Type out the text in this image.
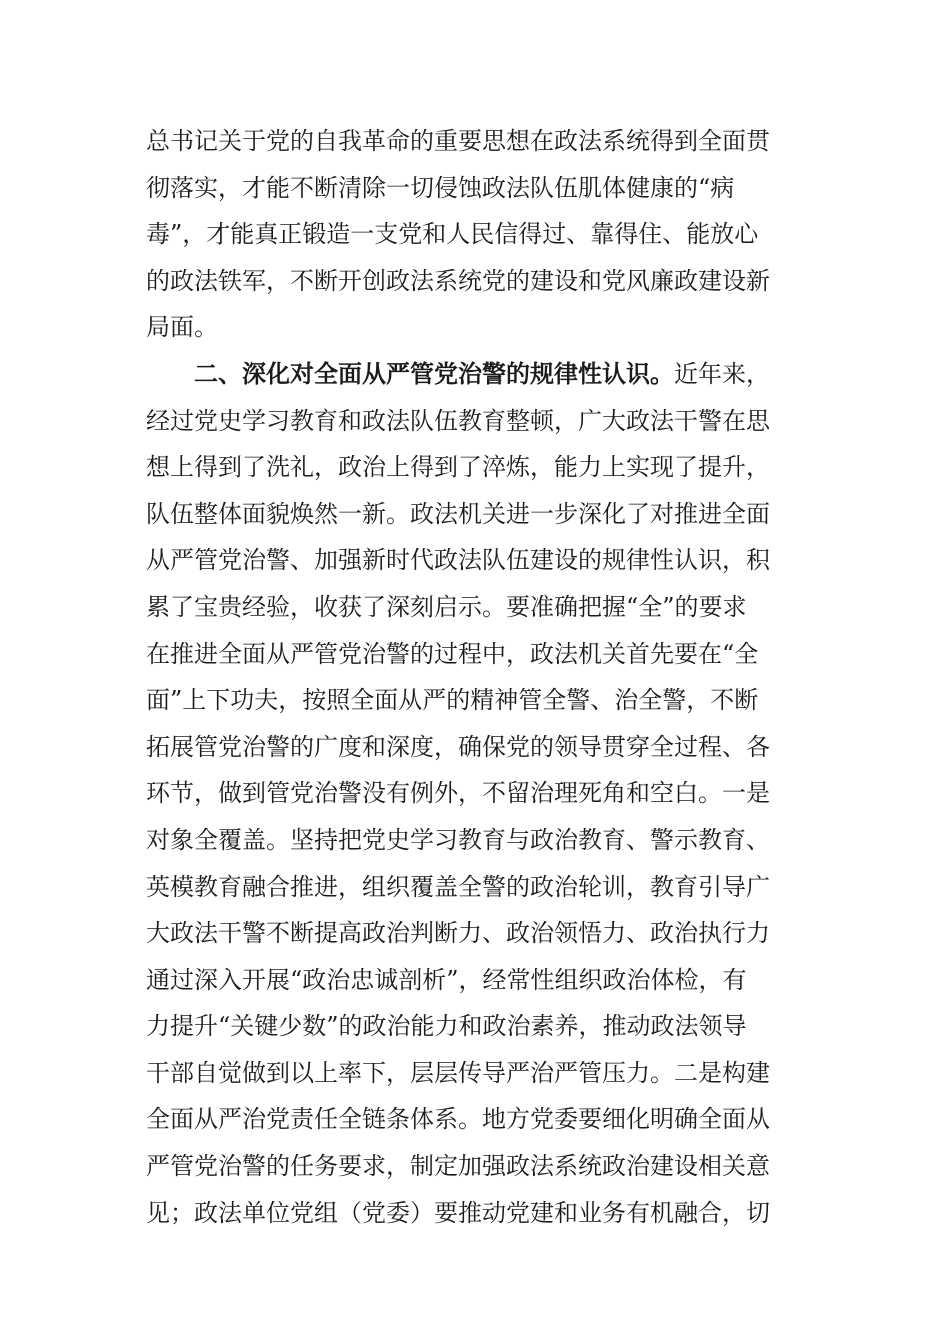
总书记关于党的自我革命的重要思想在政法系统得到全面贯
彻落实，才能不断清除一切侵蚀政法队伍肌体健康的“病
毒”，才能真正锻造一支党和人民信得过、靠得住、能放心
的政法铁军，不断开创政法系统党的建设和党风廉政建设新
局面。
二、深化对全面从严管党治警的规律性认识。近年来，
经过党史学习教育和政法队伍教育整顿，广大政法干警在思
想上得到了洗礼，政治上得到了淬炼，能力上实现了提升，
队伍整体面貌焕然一新。政法机关进一步深化了对推进全面
从严管党治警、加强新时代政法队伍建设的规律性认识，积
累了宝贵经验，收获了深刻启示。要准确把握“全”的要求
在推进全面从严管党治警的过程中，政法机关首先要在“全
面”上下功夫，按照全面从严的精神管全警、治全警，不断
拓展管党治警的广度和深度，确保党的领导贯穿全过程、各
环节，做到管党治警没有例外，不留治理死角和空白。一是
对象全覆盖。坚持把党史学习教育与政治教育、警示教育、
英模教育融合推进，组织覆盖全警的政治轮训，教育引导广
大政法干警不断提高政治判断力、政治领悟力、政治执行力
通过深入开展“政治忠诚剖析”，经常性组织政治体检，有
力提升“关键少数”的政治能力和政治素养，推动政法领导
干部自觉做到以上率下，层层传导严治严管压力。二是构建
全面从严治党责任全链条体系。地方党委要细化明确全面从
严管党治警的任务要求，制定加强政法系统政治建设相关意
见；政法单位党组（党委）要推动党建和业务有机融合，切
